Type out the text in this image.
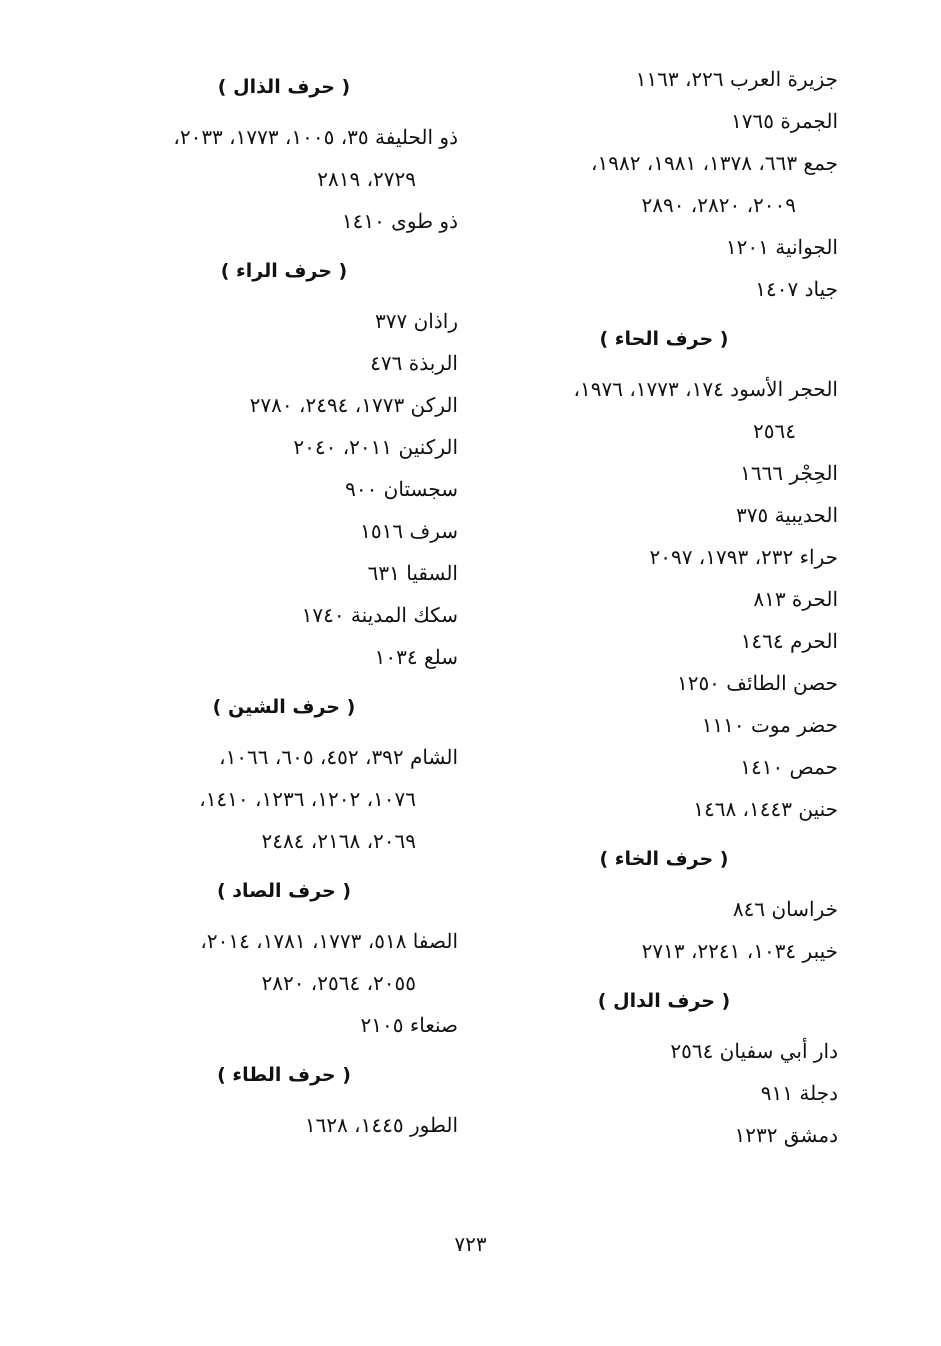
جزيرة العرب ٢٢٦، ١١٦٣
الجمرة ١٧٦٥
جمع ٦٦٣، ١٣٧٨، ١٩٨١، ١٩٨٢،
٢٠٠٩، ٢٨٢٠، ٢٨٩٠
الجوانية ١٢٠١
جياد ١٤٠٧
( حرف الحاء )
الحجر الأسود ١٧٤، ١٧٧٣، ١٩٧٦،
٢٥٦٤
الحِجْر ١٦٦٦
الحديبية ٣٧٥
حراء ٢٣٢، ١٧٩٣، ٢٠٩٧
الحرة ٨١٣
الحرم ١٤٦٤
حصن الطائف ١٢٥٠
حضر موت ١١١٠
حمص ١٤١٠
حنين ١٤٤٣، ١٤٦٨
( حرف الخاء )
خراسان ٨٤٦
خيبر ١٠٣٤، ٢٢٤١، ٢٧١٣
( حرف الدال )
دار أبي سفيان ٢٥٦٤
دجلة ٩١١
دمشق ١٢٣٢
( حرف الذال )
ذو الحليفة ٣٥، ١٠٠٥، ١٧٧٣، ٢٠٣٣،
٢٧٢٩، ٢٨١٩
ذو طوى ١٤١٠
( حرف الراء )
راذان ٣٧٧
الربذة ٤٧٦
الركن ١٧٧٣، ٢٤٩٤، ٢٧٨٠
الركنين ٢٠١١، ٢٠٤٠
سجستان ٩٠٠
سرف ١٥١٦
السقيا ٦٣١
سكك المدينة ١٧٤٠
سلع ١٠٣٤
( حرف الشين )
الشام ٣٩٢، ٤٥٢، ٦٠٥، ١٠٦٦،
١٠٧٦، ١٢٠٢، ١٢٣٦، ١٤١٠،
٢٠٦٩، ٢١٦٨، ٢٤٨٤
( حرف الصاد )
الصفا ٥١٨، ١٧٧٣، ١٧٨١، ٢٠١٤،
٢٠٥٥، ٢٥٦٤، ٢٨٢٠
صنعاء ٢١٠٥
( حرف الطاء )
الطور ١٤٤٥، ١٦٢٨
٧٢٣
